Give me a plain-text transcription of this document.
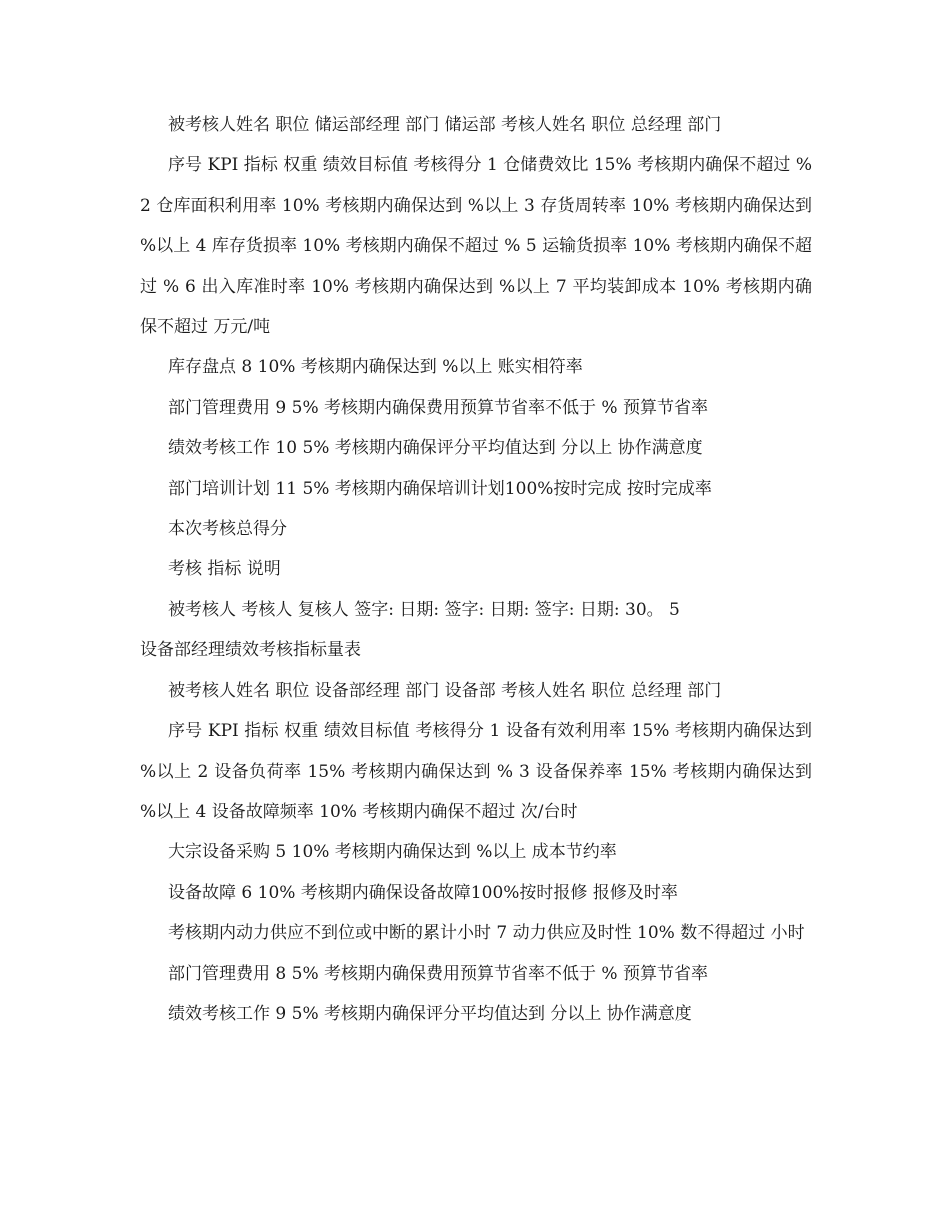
被考核人姓名 职位 储运部经理 部门 储运部 考核人姓名 职位 总经理 部门

序号 KPI 指标 权重 绩效目标值 考核得分 1 仓储费效比 15% 考核期内确保不超过 % 2 仓库面积利用率 10% 考核期内确保达到 %以上 3 存货周转率 10% 考核期内确保达到 %以上 4 库存货损率 10% 考核期内确保不超过 % 5 运输货损率 10% 考核期内确保不超过 % 6 出入库准时率 10% 考核期内确保达到 %以上 7 平均装卸成本 10% 考核期内确保不超过 万元/吨

库存盘点 8 10% 考核期内确保达到 %以上 账实相符率

部门管理费用 9 5% 考核期内确保费用预算节省率不低于 % 预算节省率

绩效考核工作 10 5% 考核期内确保评分平均值达到 分以上 协作满意度

部门培训计划 11 5% 考核期内确保培训计划100%按时完成 按时完成率

本次考核总得分

考核 指标 说明

被考核人 考核人 复核人 签字: 日期: 签字: 日期: 签字: 日期: 30。 5

设备部经理绩效考核指标量表

被考核人姓名 职位 设备部经理 部门 设备部 考核人姓名 职位 总经理 部门

序号 KPI 指标 权重 绩效目标值 考核得分 1 设备有效利用率 15% 考核期内确保达到 %以上 2 设备负荷率 15% 考核期内确保达到 % 3 设备保养率 15% 考核期内确保达到 %以上 4 设备故障频率 10% 考核期内确保不超过 次/台时

大宗设备采购 5 10% 考核期内确保达到 %以上 成本节约率

设备故障 6 10% 考核期内确保设备故障100%按时报修 报修及时率

考核期内动力供应不到位或中断的累计小时 7 动力供应及时性 10% 数不得超过 小时

部门管理费用 8 5% 考核期内确保费用预算节省率不低于 % 预算节省率

绩效考核工作 9 5% 考核期内确保评分平均值达到 分以上 协作满意度
